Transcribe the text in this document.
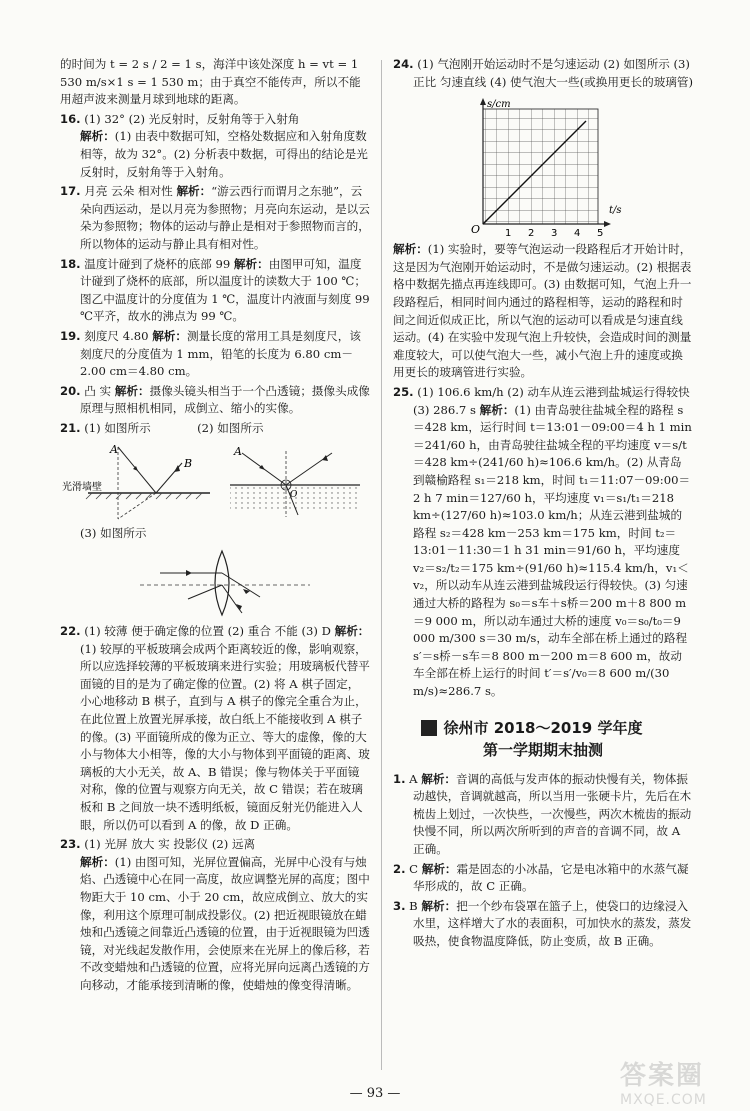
的时间为 t = 2 s / 2 = 1 s，海洋中该处深度 h = vt = 1 530 m/s×1 s = 1 530 m；由于真空不能传声，所以不能用超声波来测量月球到地球的距离。
16. (1) 32° (2) 光反射时，反射角等于入射角
解析：(1) 由表中数据可知，空格处数据应和入射角度数相等，故为 32°。(2) 分析表中数据，可得出的结论是光反射时，反射角等于入射角。
17. 月亮 云朵 相对性 解析：“游云西行而谓月之东驰”，云朵向西运动，是以月亮为参照物；月亮向东运动，是以云朵为参照物；物体的运动与静止是相对于参照物而言的，所以物体的运动与静止具有相对性。
18. 温度计碰到了烧杯的底部 99 解析：由图甲可知，温度计碰到了烧杯的底部，所以温度计的读数大于 100 ℃；图乙中温度计的分度值为 1 ℃，温度计内液面与刻度 99 ℃平齐，故水的沸点为 99 ℃。
19. 刻度尺 4.80 解析：测量长度的常用工具是刻度尺，该刻度尺的分度值为 1 mm，铅笔的长度为 6.80 cm－2.00 cm＝4.80 cm。
20. 凸 实 解析：摄像头镜头相当于一个凸透镜；摄像头成像原理与照相机相同，成倒立、缩小的实像。
21. (1) 如图所示　　　　(2) 如图所示
A
B
光滑墙壁
A
O
(3) 如图所示
22. (1) 较薄 便于确定像的位置 (2) 重合 不能 (3) D 解析：(1) 较厚的平板玻璃会成两个距离较近的像，影响观察，所以应选择较薄的平板玻璃来进行实验；用玻璃板代替平面镜的目的是为了确定像的位置。(2) 将 A 棋子固定，小心地移动 B 棋子，直到与 A 棋子的像完全重合为止，在此位置上放置光屏承接，故白纸上不能接收到 A 棋子的像。(3) 平面镜所成的像为正立、等大的虚像，像的大小与物体大小相等，像的大小与物体到平面镜的距离、玻璃板的大小无关，故 A、B 错误；像与物体关于平面镜对称，像的位置与观察方向无关，故 C 错误；若在玻璃板和 B 之间放一块不透明纸板，镜面反射光仍能进入人眼，所以仍可以看到 A 的像，故 D 正确。
23. (1) 光屏 放大 实 投影仪 (2) 远离
解析：(1) 由图可知，光屏位置偏高，光屏中心没有与烛焰、凸透镜中心在同一高度，故应调整光屏的高度；图中物距大于 10 cm、小于 20 cm，故应成倒立、放大的实像，利用这个原理可制成投影仪。(2) 把近视眼镜放在蜡烛和凸透镜之间靠近凸透镜的位置，由于近视眼镜为凹透镜，对光线起发散作用，会使原来在光屏上的像后移，若不改变蜡烛和凸透镜的位置，应将光屏向远离凸透镜的方向移动，才能承接到清晰的像，使蜡烛的像变得清晰。
24. (1) 气泡刚开始运动时不是匀速运动 (2) 如图所示 (3) 正比 匀速直线 (4) 使气泡大一些(或换用更长的玻璃管)
s/cm
t/s
O 1 2 3 4 5
解析：(1) 实验时，要等气泡运动一段路程后才开始计时，这是因为气泡刚开始运动时，不是做匀速运动。(2) 根据表格中数据先描点再连线即可。(3) 由数据可知，气泡上升一段路程后，相同时间内通过的路程相等，运动的路程和时间之间近似成正比，所以气泡的运动可以看成是匀速直线运动。(4) 在实验中发现气泡上升较快，会造成时间的测量难度较大，可以使气泡大一些，减小气泡上升的速度或换用更长的玻璃管进行实验。
25. (1) 106.6 km/h (2) 动车从连云港到盐城运行得较快 (3) 286.7 s 解析：(1) 由青岛驶往盐城全程的路程 s＝428 km，运行时间 t＝13:01－09:00＝4 h 1 min＝241/60 h，由青岛驶往盐城全程的平均速度 v＝s/t＝428 km÷(241/60 h)≈106.6 km/h。(2) 从青岛到赣榆路程 s₁＝218 km，时间 t₁＝11:07－09:00＝2 h 7 min＝127/60 h，平均速度 v₁＝s₁/t₁＝218 km÷(127/60 h)≈103.0 km/h；从连云港到盐城的路程 s₂＝428 km－253 km＝175 km，时间 t₂＝13:01－11:30＝1 h 31 min＝91/60 h，平均速度 v₂＝s₂/t₂＝175 km÷(91/60 h)≈115.4 km/h，v₁＜v₂，所以动车从连云港到盐城段运行得较快。(3) 匀速通过大桥的路程为 s₀＝s车＋s桥＝200 m＋8 800 m＝9 000 m，所以动车通过大桥的速度 v₀＝s₀/t₀＝9 000 m/300 s＝30 m/s，动车全部在桥上通过的路程 s′＝s桥－s车＝8 800 m－200 m＝8 600 m，故动车全部在桥上运行的时间 t′＝s′/v₀＝8 600 m/(30 m/s)≈286.7 s。
徐州市 2018～2019 学年度
第一学期期末抽测
1. A 解析：音调的高低与发声体的振动快慢有关，物体振动越快，音调就越高，所以当用一张硬卡片，先后在木梳齿上划过，一次快些，一次慢些，两次木梳齿的振动快慢不同，所以两次所听到的声音的音调不同，故 A 正确。
2. C 解析：霜是固态的小冰晶，它是电冰箱中的水蒸气凝华形成的，故 C 正确。
3. B 解析：把一个纱布袋罩在篮子上，使袋口的边缘浸入水里，这样增大了水的表面积，可加快水的蒸发，蒸发吸热，使食物温度降低，防止变质，故 B 正确。
— 93 —
答案圈
MXQE.COM
